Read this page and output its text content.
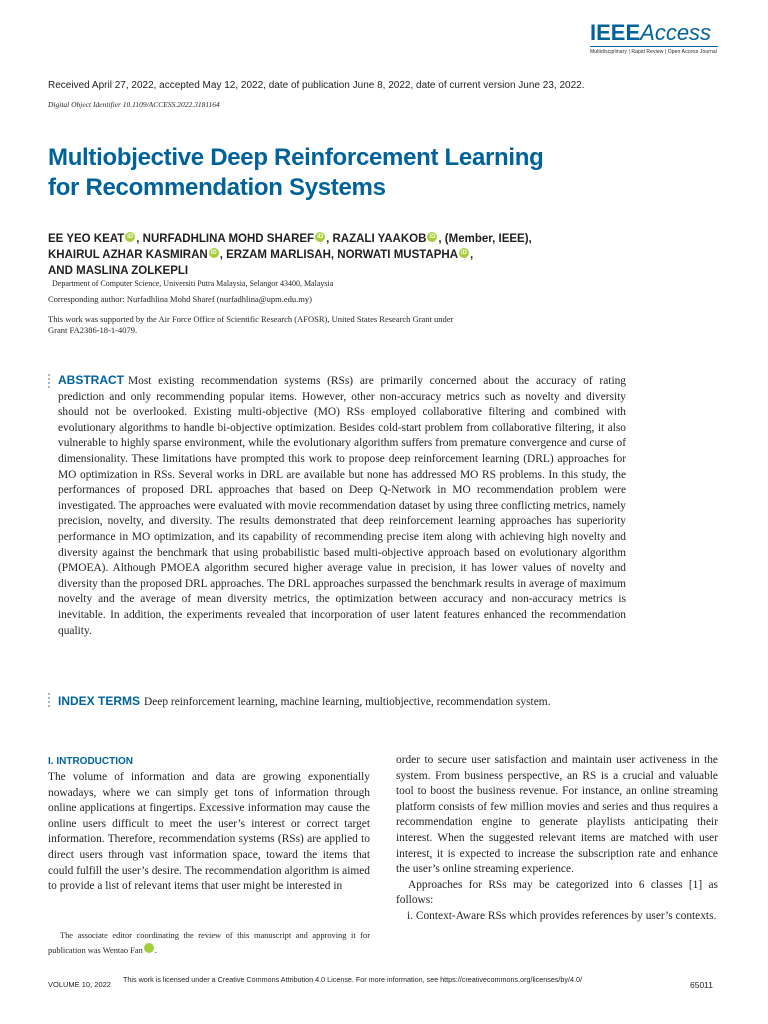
IEEEAccess
Multidisciplinary | Rapid Review | Open Access Journal
Received April 27, 2022, accepted May 12, 2022, date of publication June 8, 2022, date of current version June 23, 2022.
Digital Object Identifier 10.1109/ACCESS.2022.3181164
Multiobjective Deep Reinforcement Learning
for Recommendation Systems
EE YEO KEAT iD , NURFADHLINA MOHD SHAREF iD , RAZALI YAAKOB iD , (Member, IEEE),
KHAIRUL AZHAR KASMIRAN iD , ERZAM MARLISAH, NORWATI MUSTAPHA iD ,
AND MASLINA ZOLKEPLI
Department of Computer Science, Universiti Putra Malaysia, Selangor 43400, Malaysia
Corresponding author: Nurfadhlina Mohd Sharef (nurfadhlina@upm.edu.my)
This work was supported by the Air Force Office of Scientific Research (AFOSR), United States Research Grant under
Grant FA2386-18-1-4079.
ABSTRACT Most existing recommendation systems (RSs) are primarily concerned about the accuracy of rating prediction and only recommending popular items. However, other non-accuracy metrics such as novelty and diversity should not be overlooked. Existing multi-objective (MO) RSs employed collaborative filtering and combined with evolutionary algorithms to handle bi-objective optimization. Besides cold-start problem from collaborative filtering, it also vulnerable to highly sparse environment, while the evolutionary algorithm suffers from premature convergence and curse of dimensionality. These limitations have prompted this work to propose deep reinforcement learning (DRL) approaches for MO optimization in RSs. Several works in DRL are available but none has addressed MO RS problems. In this study, the performances of proposed DRL approaches that based on Deep Q-Network in MO recommendation problem were investigated. The approaches were evaluated with movie recommendation dataset by using three conflicting metrics, namely precision, novelty, and diversity. The results demonstrated that deep reinforcement learning approaches has superiority performance in MO optimization, and its capability of recommending precise item along with achieving high novelty and diversity against the benchmark that using probabilistic based multi-objective approach based on evolutionary algorithm (PMOEA). Although PMOEA algorithm secured higher average value in precision, it has lower values of novelty and diversity than the proposed DRL approaches. The DRL approaches surpassed the benchmark results in average of maximum novelty and the average of mean diversity metrics, the optimization between accuracy and non-accuracy metrics is inevitable. In addition, the experiments revealed that incorporation of user latent features enhanced the recommendation quality.
INDEX TERMS Deep reinforcement learning, machine learning, multiobjective, recommendation system.
I. INTRODUCTION
The volume of information and data are growing exponentially nowadays, where we can simply get tons of information through online applications at fingertips. Excessive information may cause the online users difficult to meet the user’s interest or correct target information. Therefore, recommendation systems (RSs) are applied to direct users through vast information space, toward the items that could fulfill the user’s desire. The recommendation algorithm is aimed to provide a list of relevant items that user might be interested in
The associate editor coordinating the review of this manuscript and approving it for publication was Wentao Fan iD.
order to secure user satisfaction and maintain user activeness in the system. From business perspective, an RS is a crucial and valuable tool to boost the business revenue. For instance, an online streaming platform consists of few million movies and series and thus requires a recommendation engine to generate playlists anticipating their interest. When the suggested relevant items are matched with user interest, it is expected to increase the subscription rate and enhance the user’s online streaming experience.
Approaches for RSs may be categorized into 6 classes [1] as follows:
i. Context-Aware RSs which provides references by user’s contexts.
VOLUME 10, 2022
This work is licensed under a Creative Commons Attribution 4.0 License. For more information, see https://creativecommons.org/licenses/by/4.0/
65011
